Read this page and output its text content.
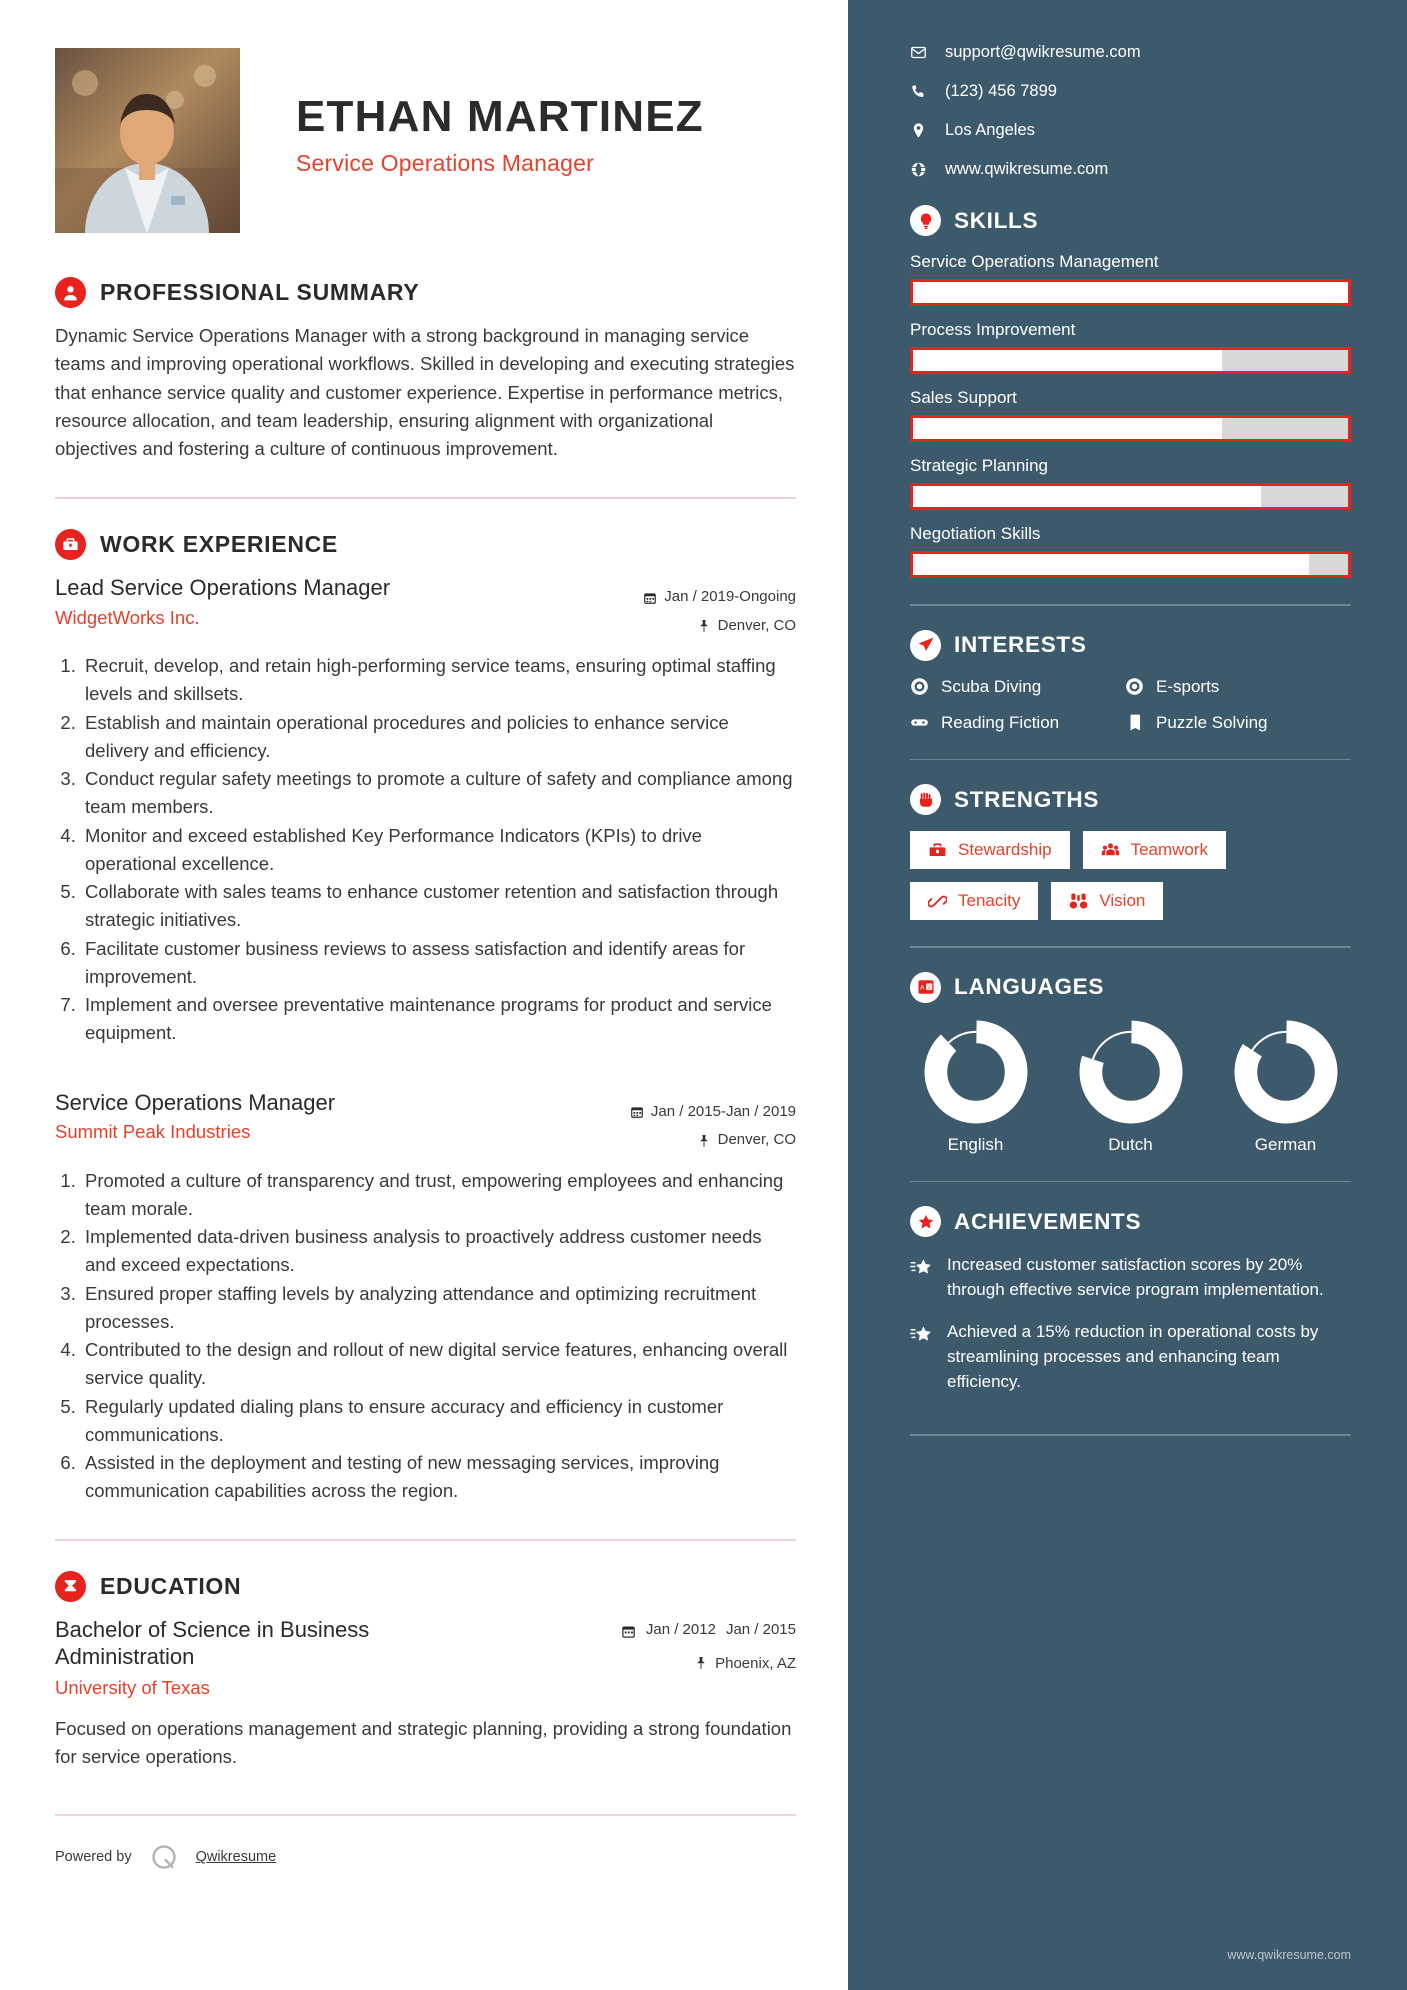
ETHAN MARTINEZ
Service Operations Manager
PROFESSIONAL SUMMARY
Dynamic Service Operations Manager with a strong background in managing service teams and improving operational workflows. Skilled in developing and executing strategies that enhance service quality and customer experience. Expertise in performance metrics, resource allocation, and team leadership, ensuring alignment with organizational objectives and fostering a culture of continuous improvement.
WORK EXPERIENCE
Lead Service Operations Manager
WidgetWorks Inc.
Jan / 2019-Ongoing
Denver, CO
1. Recruit, develop, and retain high-performing service teams, ensuring optimal staffing levels and skillsets.
2. Establish and maintain operational procedures and policies to enhance service delivery and efficiency.
3. Conduct regular safety meetings to promote a culture of safety and compliance among team members.
4. Monitor and exceed established Key Performance Indicators (KPIs) to drive operational excellence.
5. Collaborate with sales teams to enhance customer retention and satisfaction through strategic initiatives.
6. Facilitate customer business reviews to assess satisfaction and identify areas for improvement.
7. Implement and oversee preventative maintenance programs for product and service equipment.
Service Operations Manager
Summit Peak Industries
Jan / 2015-Jan / 2019
Denver, CO
1. Promoted a culture of transparency and trust, empowering employees and enhancing team morale.
2. Implemented data-driven business analysis to proactively address customer needs and exceed expectations.
3. Ensured proper staffing levels by analyzing attendance and optimizing recruitment processes.
4. Contributed to the design and rollout of new digital service features, enhancing overall service quality.
5. Regularly updated dialing plans to ensure accuracy and efficiency in customer communications.
6. Assisted in the deployment and testing of new messaging services, improving communication capabilities across the region.
EDUCATION
Bachelor of Science in Business Administration
University of Texas
Jan / 2012 Jan / 2015
Phoenix, AZ
Focused on operations management and strategic planning, providing a strong foundation for service operations.
Powered by	Qwikresume
support@qwikresume.com
(123) 456 7899
Los Angeles
www.qwikresume.com
SKILLS
Service Operations Management
Process Improvement
Sales Support
Strategic Planning
Negotiation Skills
INTERESTS
Scuba Diving	E-sports
Reading Fiction	Puzzle Solving
STRENGTHS
Stewardship	Teamwork
Tenacity	Vision
A 文 LANGUAGES
English	Dutch	German
ACHIEVEMENTS
Increased customer satisfaction scores by 20% through effective service program implementation.
Achieved a 15% reduction in operational costs by streamlining processes and enhancing team efficiency.
www.qwikresume.com
